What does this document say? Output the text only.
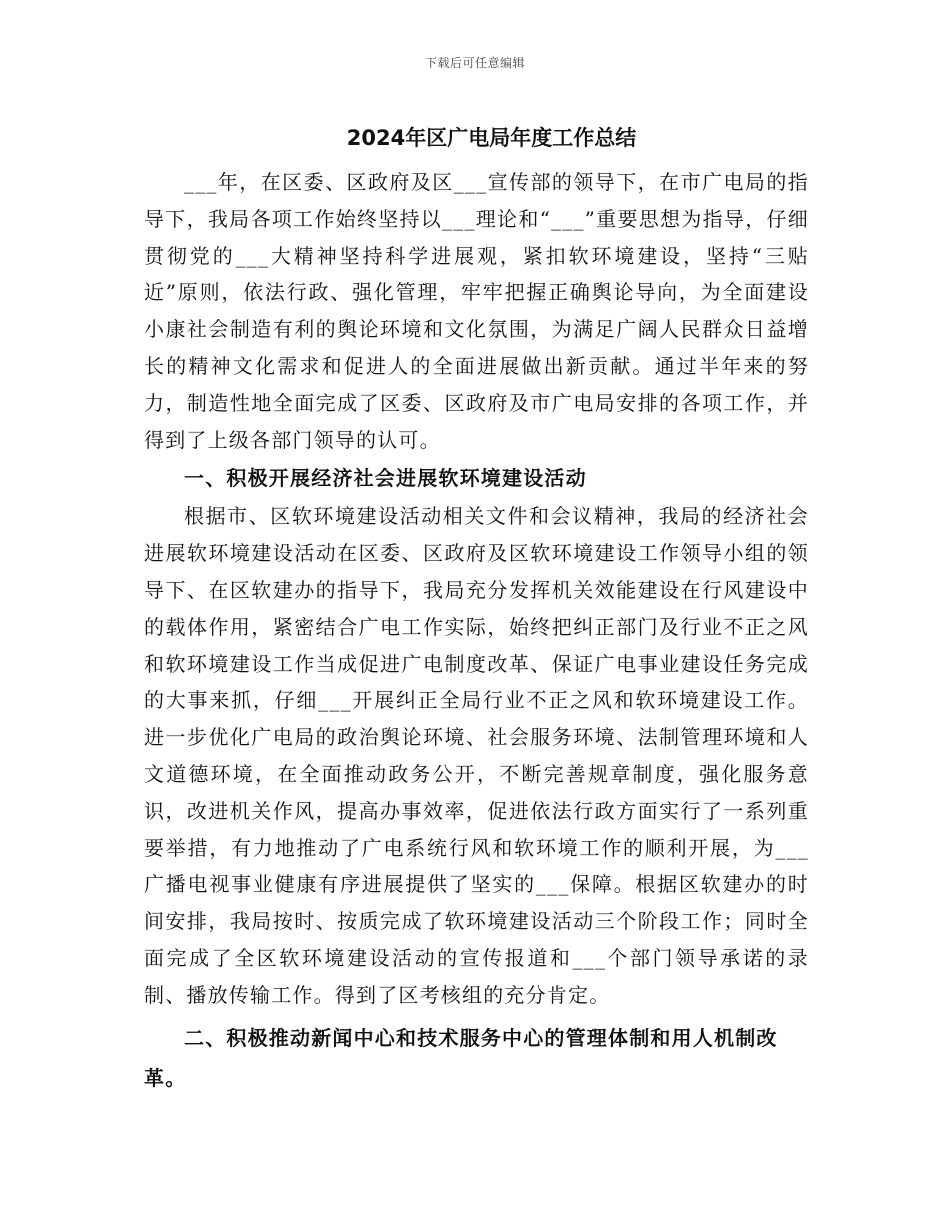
下载后可任意编辑
2024年区广电局年度工作总结

___年，在区委、区政府及区___宣传部的领导下，在市广电局的指导下，我局各项工作始终坚持以___理论和“___”重要思想为指导，仔细贯彻党的___大精神坚持科学进展观，紧扣软环境建设，坚持“三贴近”原则，依法行政、强化管理，牢牢把握正确舆论导向，为全面建设小康社会制造有利的舆论环境和文化氛围，为满足广阔人民群众日益增长的精神文化需求和促进人的全面进展做出新贡献。通过半年来的努力，制造性地全面完成了区委、区政府及市广电局安排的各项工作，并得到了上级各部门领导的认可。

一、积极开展经济社会进展软环境建设活动

根据市、区软环境建设活动相关文件和会议精神，我局的经济社会进展软环境建设活动在区委、区政府及区软环境建设工作领导小组的领导下、在区软建办的指导下，我局充分发挥机关效能建设在行风建设中的载体作用，紧密结合广电工作实际，始终把纠正部门及行业不正之风和软环境建设工作当成促进广电制度改革、保证广电事业建设任务完成的大事来抓，仔细___开展纠正全局行业不正之风和软环境建设工作。进一步优化广电局的政治舆论环境、社会服务环境、法制管理环境和人文道德环境，在全面推动政务公开，不断完善规章制度，强化服务意识，改进机关作风，提高办事效率，促进依法行政方面实行了一系列重要举措，有力地推动了广电系统行风和软环境工作的顺利开展，为___广播电视事业健康有序进展提供了坚实的___保障。根据区软建办的时间安排，我局按时、按质完成了软环境建设活动三个阶段工作；同时全面完成了全区软环境建设活动的宣传报道和___个部门领导承诺的录制、播放传输工作。得到了区考核组的充分肯定。

二、积极推动新闻中心和技术服务中心的管理体制和用人机制改革。
